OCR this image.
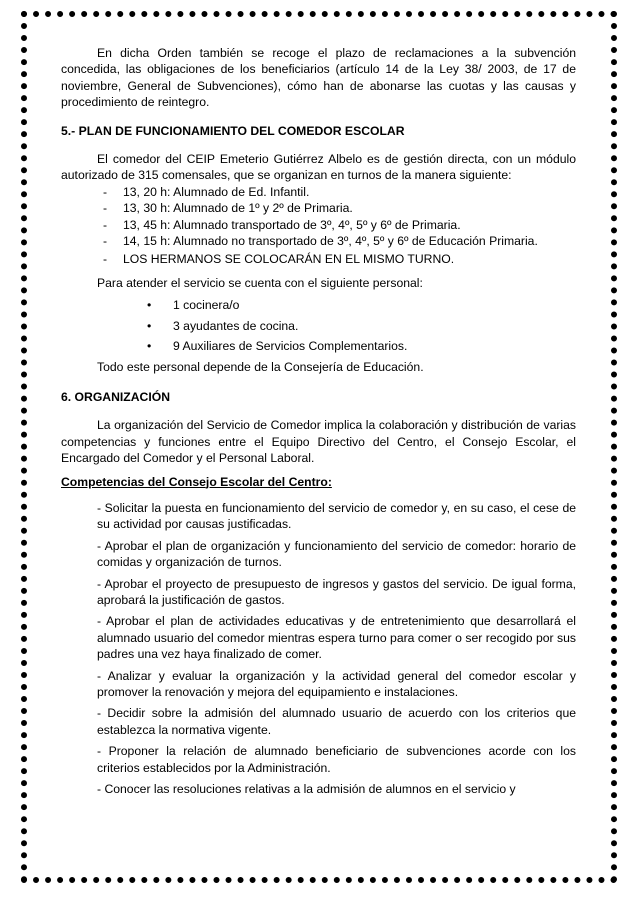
En dicha Orden también se recoge el plazo de reclamaciones a la subvención concedida, las obligaciones de los beneficiarios (artículo 14 de la Ley 38/ 2003, de 17 de noviembre, General de Subvenciones), cómo han de abonarse las cuotas y las causas y procedimiento de reintegro.

5.- PLAN DE FUNCIONAMIENTO DEL COMEDOR ESCOLAR

El comedor del CEIP Emeterio Gutiérrez Albelo es de gestión directa, con un módulo autorizado de 315 comensales, que se organizan en turnos de la manera siguiente:

- 13, 20 h: Alumnado de Ed. Infantil.
- 13, 30 h: Alumnado de 1º y 2º de Primaria.
- 13, 45 h: Alumnado transportado de 3º, 4º, 5º y 6º de Primaria.
- 14, 15 h: Alumnado no transportado de 3º, 4º, 5º y 6º de Educación Primaria.
- LOS HERMANOS SE COLOCARÁN EN EL MISMO TURNO.

Para atender el servicio se cuenta con el siguiente personal:

• 1 cocinera/o
• 3 ayudantes de cocina.
• 9 Auxiliares de Servicios Complementarios.

Todo este personal depende de la Consejería de Educación.

6. ORGANIZACIÓN

La organización del Servicio de Comedor implica la colaboración y distribución de varias competencias y funciones entre el Equipo Directivo del Centro, el Consejo Escolar, el Encargado del Comedor y el Personal Laboral.

Competencias del Consejo Escolar del Centro:

- Solicitar la puesta en funcionamiento del servicio de comedor y, en su caso, el cese de su actividad por causas justificadas.

- Aprobar el plan de organización y funcionamiento del servicio de comedor: horario de comidas y organización de turnos.

- Aprobar el proyecto de presupuesto de ingresos y gastos del servicio. De igual forma, aprobará la justificación de gastos.

- Aprobar el plan de actividades educativas y de entretenimiento que desarrollará el alumnado usuario del comedor mientras espera turno para comer o ser recogido por sus padres una vez haya finalizado de comer.

- Analizar y evaluar la organización y la actividad general del comedor escolar y promover la renovación y mejora del equipamiento e instalaciones.

- Decidir sobre la admisión del alumnado usuario de acuerdo con los criterios que establezca la normativa vigente.

- Proponer la relación de alumnado beneficiario de subvenciones acorde con los criterios establecidos por la Administración.

- Conocer las resoluciones relativas a la admisión de alumnos en el servicio y
